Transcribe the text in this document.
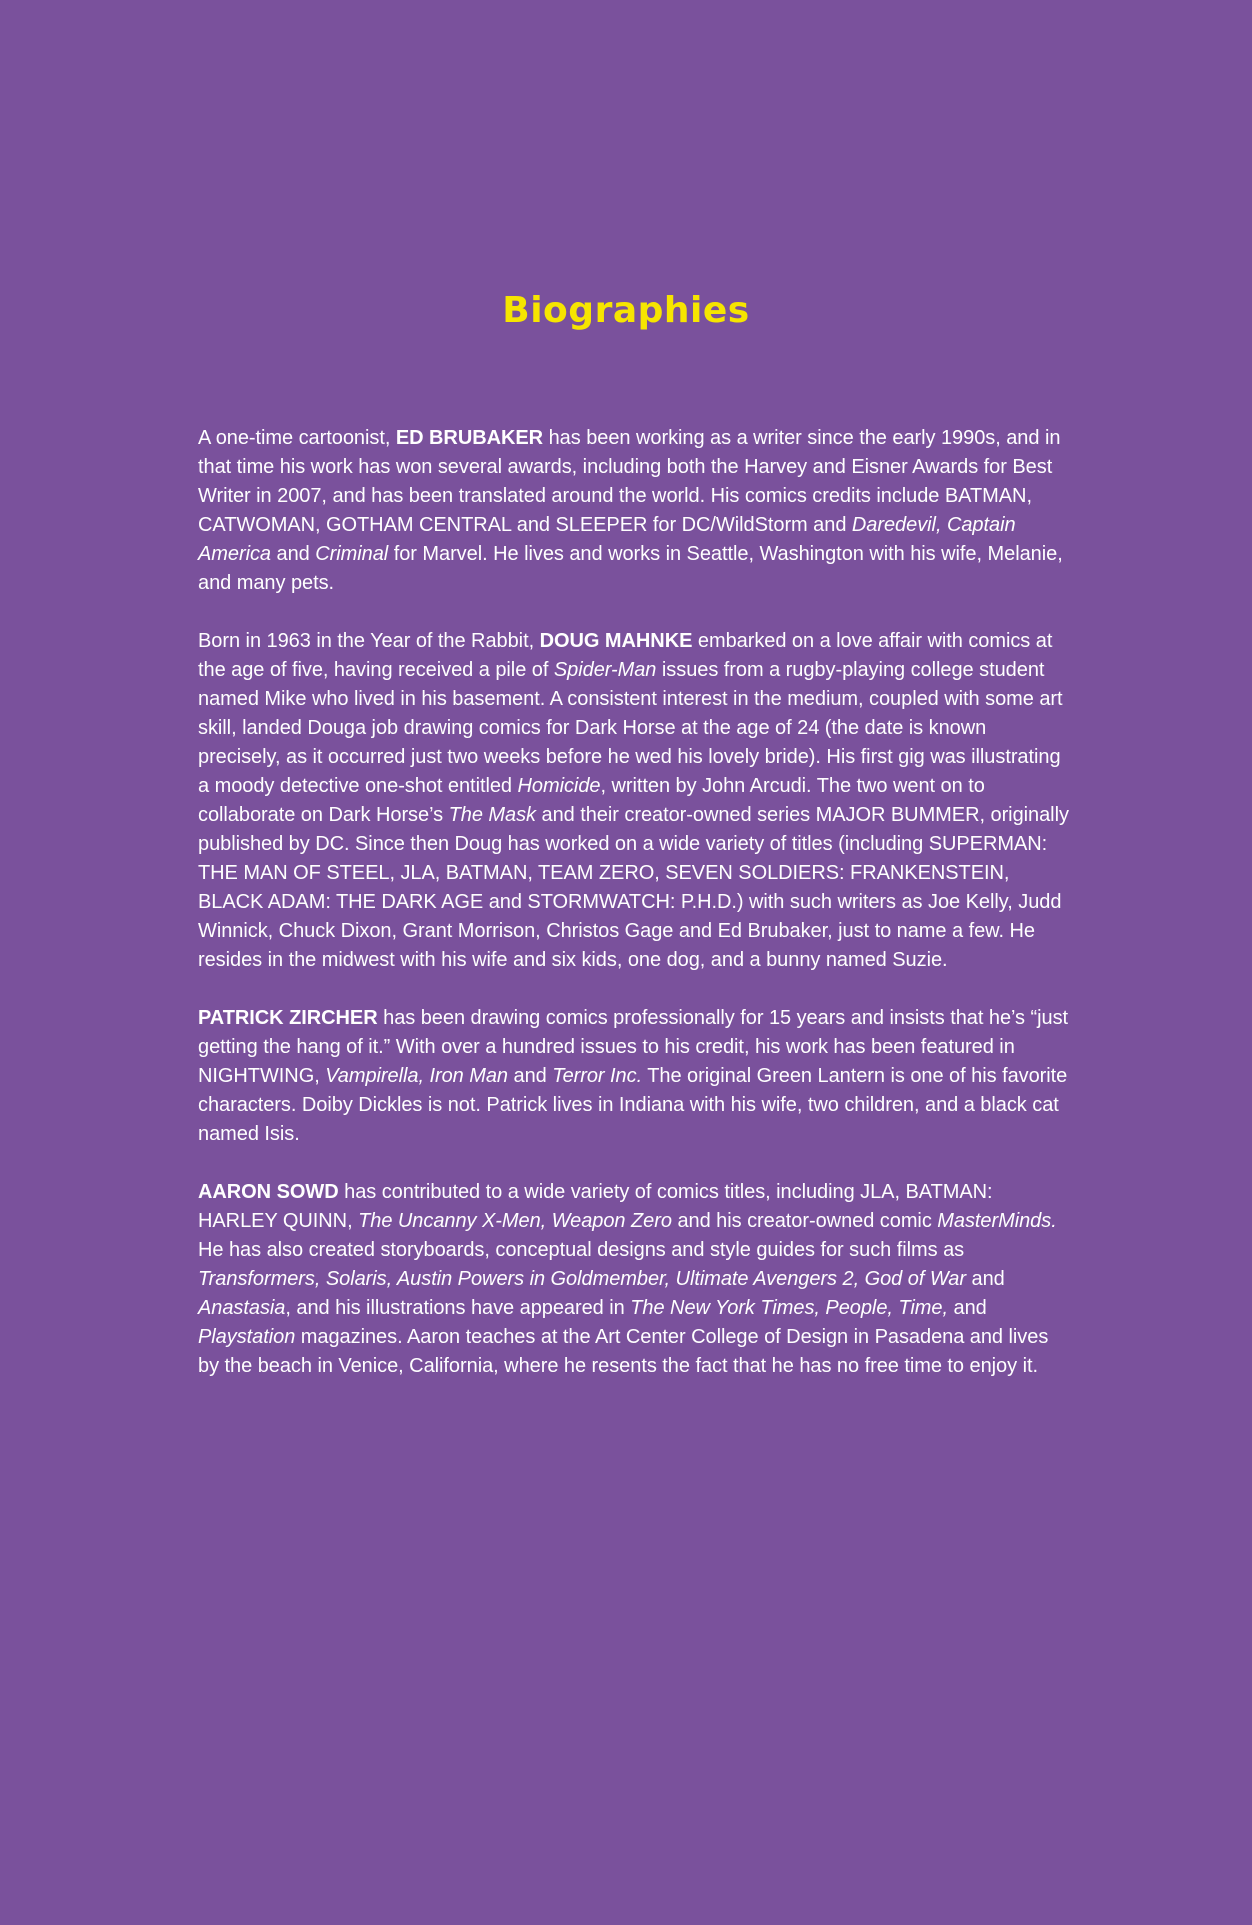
Biographies

A one-time cartoonist, ED BRUBAKER has been working as a writer since the early 1990s, and in that time his work has won several awards, including both the Harvey and Eisner Awards for Best Writer in 2007, and has been translated around the world. His comics credits include BATMAN, CATWOMAN, GOTHAM CENTRAL and SLEEPER for DC/WildStorm and Daredevil, Captain America and Criminal for Marvel. He lives and works in Seattle, Washington with his wife, Melanie, and many pets.

Born in 1963 in the Year of the Rabbit, DOUG MAHNKE embarked on a love affair with comics at the age of five, having received a pile of Spider-Man issues from a rugby-playing college student named Mike who lived in his basement. A consistent interest in the medium, coupled with some art skill, landed Douga job drawing comics for Dark Horse at the age of 24 (the date is known precisely, as it occurred just two weeks before he wed his lovely bride). His first gig was illustrating a moody detective one-shot entitled Homicide, written by John Arcudi. The two went on to collaborate on Dark Horse’s The Mask and their creator-owned series MAJOR BUMMER, originally published by DC. Since then Doug has worked on a wide variety of titles (including SUPERMAN: THE MAN OF STEEL, JLA, BATMAN, TEAM ZERO, SEVEN SOLDIERS: FRANKENSTEIN, BLACK ADAM: THE DARK AGE and STORMWATCH: P.H.D.) with such writers as Joe Kelly, Judd Winnick, Chuck Dixon, Grant Morrison, Christos Gage and Ed Brubaker, just to name a few. He resides in the midwest with his wife and six kids, one dog, and a bunny named Suzie.

PATRICK ZIRCHER has been drawing comics professionally for 15 years and insists that he’s “just getting the hang of it.” With over a hundred issues to his credit, his work has been featured in NIGHTWING, Vampirella, Iron Man and Terror Inc. The original Green Lantern is one of his favorite characters. Doiby Dickles is not. Patrick lives in Indiana with his wife, two children, and a black cat named Isis.

AARON SOWD has contributed to a wide variety of comics titles, including JLA, BATMAN: HARLEY QUINN, The Uncanny X-Men, Weapon Zero and his creator-owned comic MasterMinds. He has also created storyboards, conceptual designs and style guides for such films as Transformers, Solaris, Austin Powers in Goldmember, Ultimate Avengers 2, God of War and Anastasia, and his illustrations have appeared in The New York Times, People, Time, and Playstation magazines. Aaron teaches at the Art Center College of Design in Pasadena and lives by the beach in Venice, California, where he resents the fact that he has no free time to enjoy it.
